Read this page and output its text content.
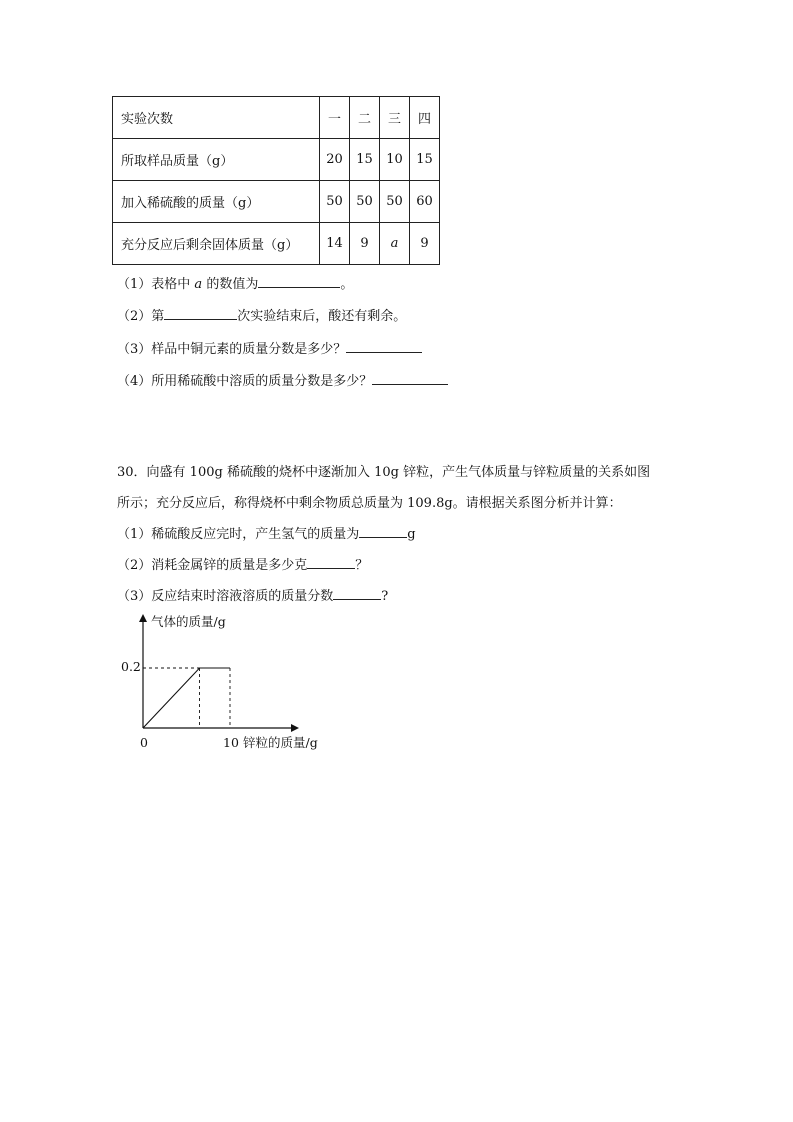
实验次数	一	二	三	四
所取样品质量（g）	20	15	10	15
加入稀硫酸的质量（g）	50	50	50	60
充分反应后剩余固体质量（g）	14	9	a	9
（1）表格中 a 的数值为	。
（2）第	次实验结束后，酸还有剩余。
（3）样品中铜元素的质量分数是多少？
（4）所用稀硫酸中溶质的质量分数是多少？
30．向盛有 100g 稀硫酸的烧杯中逐渐加入 10g 锌粒，产生气体质量与锌粒质量的关系如图
所示；充分反应后，称得烧杯中剩余物质总质量为 109.8g。请根据关系图分析并计算：
（1）稀硫酸反应完时，产生氢气的质量为	g
（2）消耗金属锌的质量是多少克	？
（3）反应结束时溶液溶质的质量分数	?
气体的质量/g
0.2
0	10 锌粒的质量/g
